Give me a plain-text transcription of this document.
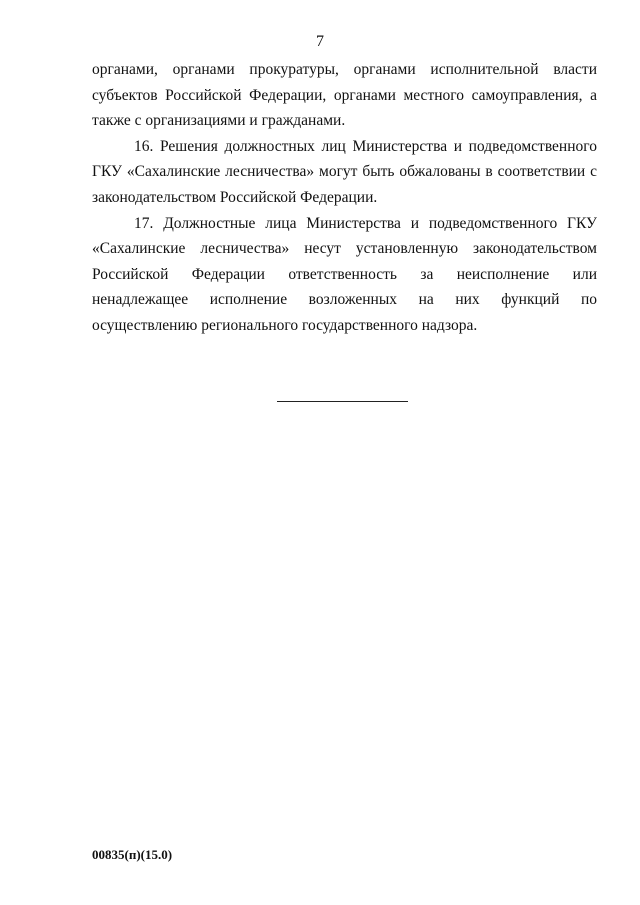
7

органами, органами прокуратуры, органами исполнительной власти субъектов Российской Федерации, органами местного самоуправления, а также с организациями и гражданами.

16. Решения должностных лиц Министерства и подведомственного ГКУ «Сахалинские лесничества» могут быть обжалованы в соответствии с законодательством Российской Федерации.

17. Должностные лица Министерства и подведомственного ГКУ «Сахалинские лесничества» несут установленную законодательством Российской Федерации ответственность за неисполнение или ненадлежащее исполнение возложенных на них функций по осуществлению регионального государственного надзора.

00835(п)(15.0)
